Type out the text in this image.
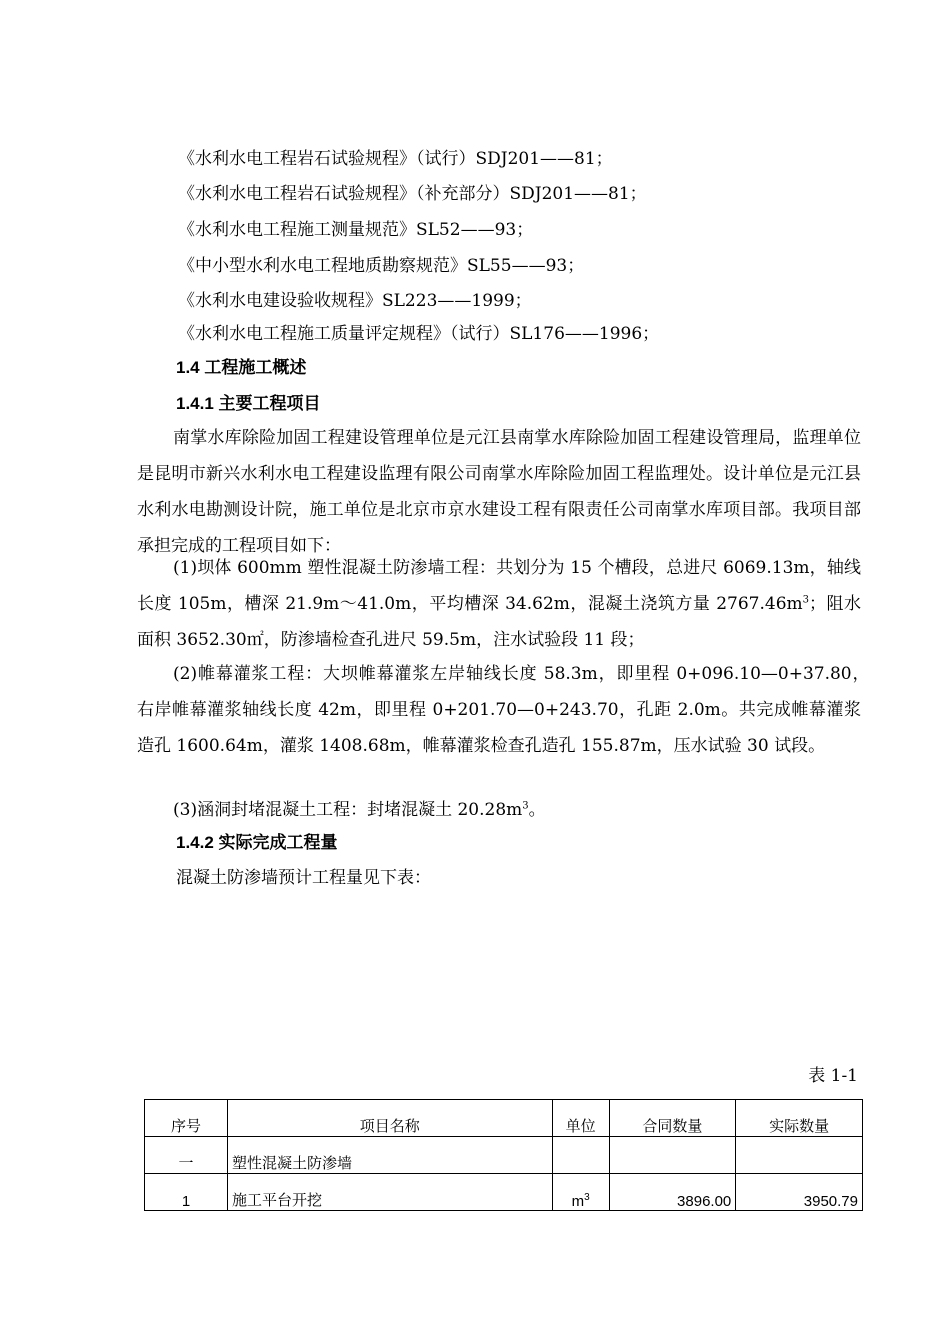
《水利水电工程岩石试验规程》（试行）SDJ201——81；
《水利水电工程岩石试验规程》（补充部分）SDJ201——81；
《水利水电工程施工测量规范》SL52——93；
《中小型水利水电工程地质勘察规范》SL55——93；
《水利水电建设验收规程》SL223——1999；
《水利水电工程施工质量评定规程》（试行）SL176——1996；
1.4 工程施工概述
1.4.1 主要工程项目
南掌水库除险加固工程建设管理单位是元江县南掌水库除险加固工程建设管理局，监理单位是昆明市新兴水利水电工程建设监理有限公司南掌水库除险加固工程监理处。设计单位是元江县水利水电勘测设计院，施工单位是北京市京水建设工程有限责任公司南掌水库项目部。我项目部承担完成的工程项目如下：
(1)坝体 600mm 塑性混凝土防渗墙工程：共划分为 15 个槽段，总进尺 6069.13m，轴线长度 105m，槽深 21.9m～41.0m，平均槽深 34.62m，混凝土浇筑方量 $2767.46m^3$；阻水面积 3652.30㎡，防渗墙检查孔进尺 59.5m，注水试验段 11 段；
(2)帷幕灌浆工程：大坝帷幕灌浆左岸轴线长度 58.3m，即里程 0+096.10—0+37.80，　　右岸帷幕灌浆轴线长度 42m，即里程 0+201.70—0+243.70，孔距 2.0m。共完成帷幕灌浆造孔 1600.64m，灌浆 1408.68m，帷幕灌浆检查孔造孔 155.87m，压水试验 30 试段。
(3)涵洞封堵混凝土工程：封堵混凝土 $20.28m^3$。
1.4.2 实际完成工程量
混凝土防渗墙预计工程量见下表：
表 1-1
序号	项目名称	单位	合同数量	实际数量
一	塑性混凝土防渗墙			
1	施工平台开挖	$m^3$	3896.00	3950.79
